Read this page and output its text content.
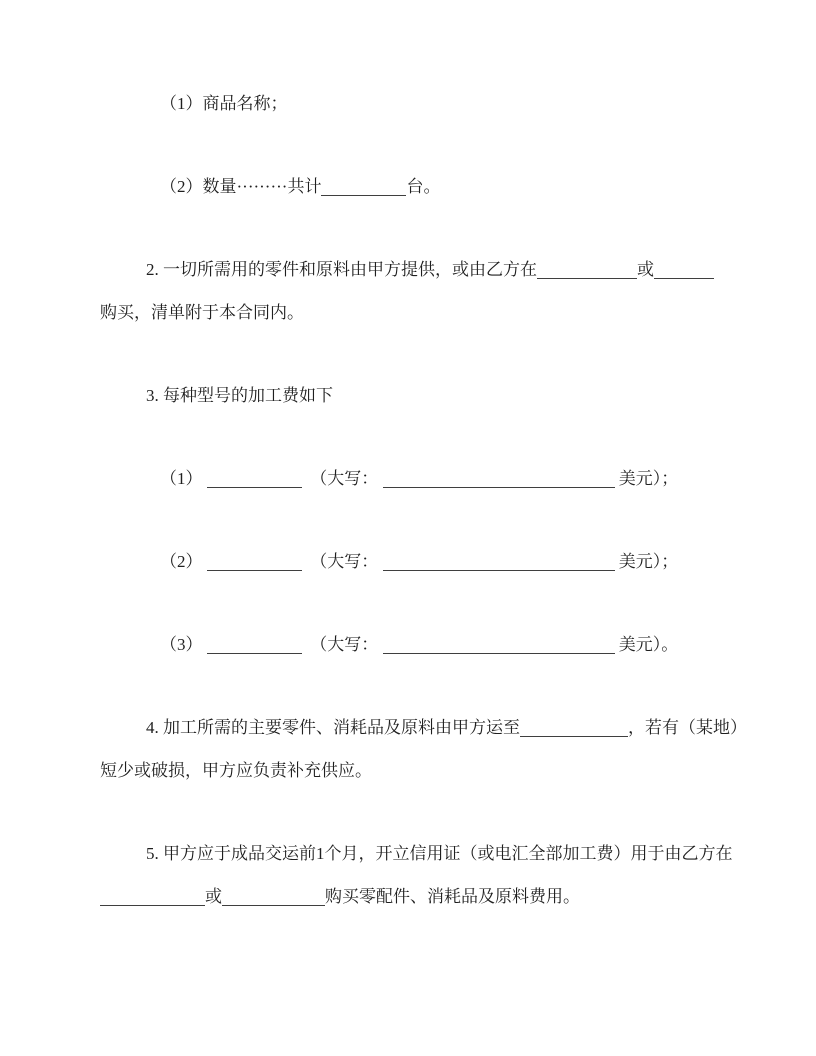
（1）商品名称；
（2）数量·········共计	台。
2. 一切所需用的零件和原料由甲方提供，或由乙方在	或
购买，清单附于本合同内。
3. 每种型号的加工费如下
（1）	　（大写：	美元）；
（2）	　（大写：	美元）；
（3）	　（大写：	美元）。
4. 加工所需的主要零件、消耗品及原料由甲方运至	，若有（某地）
短少或破损，甲方应负责补充供应。
5. 甲方应于成品交运前1个月，开立信用证（或电汇全部加工费）用于由乙方在
或	购买零配件、消耗品及原料费用。
